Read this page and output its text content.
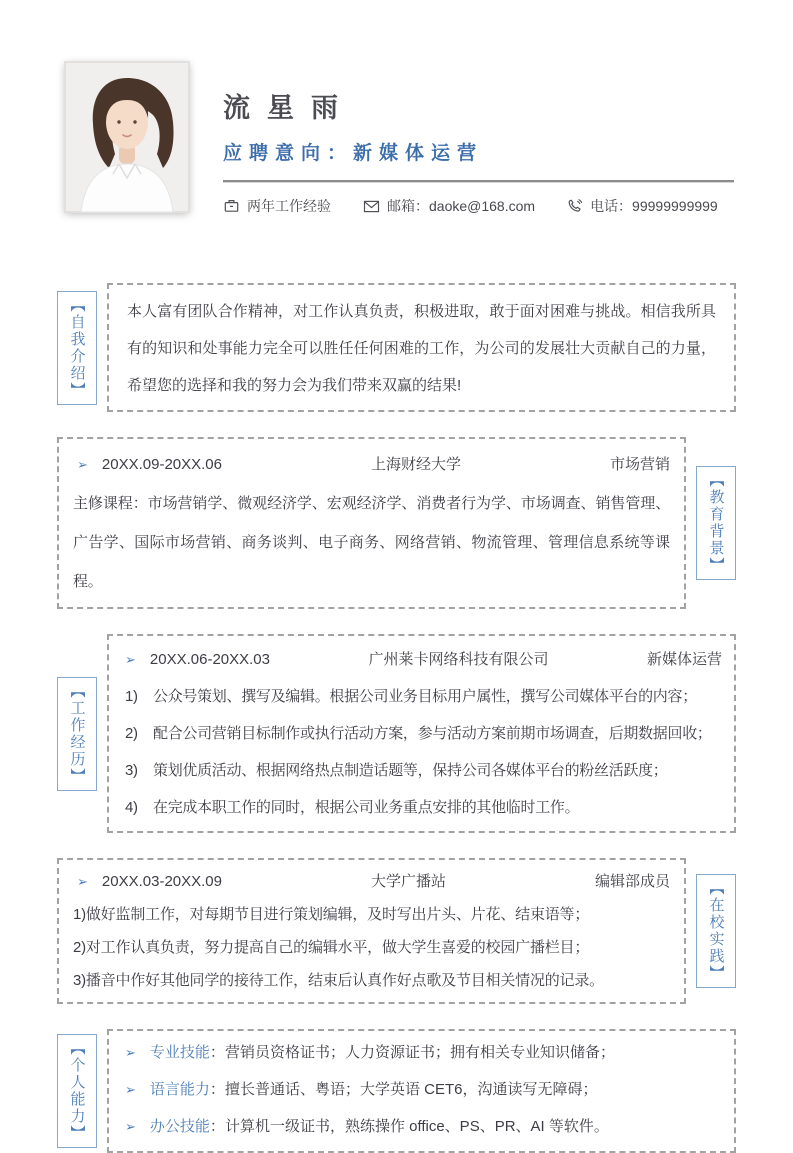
流星雨
应聘意向：新媒体运营
两年工作经验	邮箱：daoke@168.com	电话：99999999999
【自我介绍】	本人富有团队合作精神，对工作认真负责，积极进取，敢于面对困难与挑战。相信我所具有的知识和处事能力完全可以胜任任何困难的工作，为公司的发展壮大贡献自己的力量，希望您的选择和我的努力会为我们带来双赢的结果!
➢ 20XX.09-20XX.06	上海财经大学	市场营销
主修课程：市场营销学、微观经济学、宏观经济学、消费者行为学、市场调查、销售管理、广告学、国际市场营销、商务谈判、电子商务、网络营销、物流管理、管理信息系统等课程。
【教育背景】
【工作经历】
➢ 20XX.06-20XX.03	广州莱卡网络科技有限公司	新媒体运营
1)	公众号策划、撰写及编辑。根据公司业务目标用户属性，撰写公司媒体平台的内容；
2)	配合公司营销目标制作或执行活动方案，参与活动方案前期市场调查，后期数据回收；
3)	策划优质活动、根据网络热点制造话题等，保持公司各媒体平台的粉丝活跃度；
4)	在完成本职工作的同时，根据公司业务重点安排的其他临时工作。
➢ 20XX.03-20XX.09	大学广播站	编辑部成员
1)做好监制工作，对每期节目进行策划编辑，及时写出片头、片花、结束语等；
2)对工作认真负责，努力提高自己的编辑水平，做大学生喜爱的校园广播栏目；
3)播音中作好其他同学的接待工作，结束后认真作好点歌及节目相关情况的记录。	【在校实践】
【个人能力】	➢ 专业技能 ： 营销员资格证书；人力资源证书；拥有相关专业知识储备；
➢ 语言能力 ： 擅长普通话、粤语；大学英语 CET6，沟通读写无障碍；
➢ 办公技能 ： 计算机一级证书，熟练操作 office、PS、PR、AI 等软件。
